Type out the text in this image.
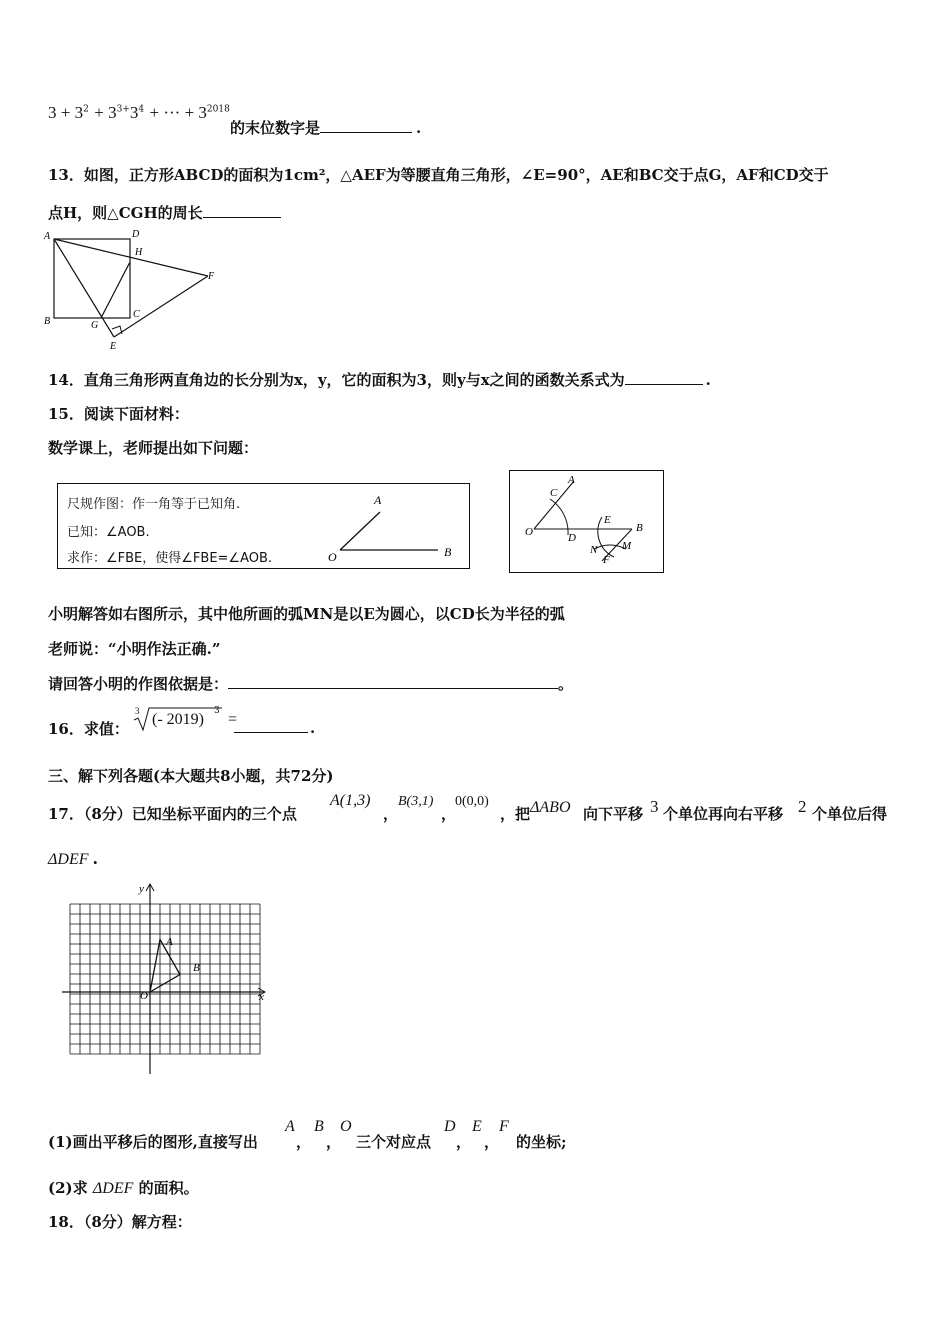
$3 + 3^2 + 3^{3+}3^4$ + ··· + $3^{2018}$
的末位数字是	.
13．如图，正方形ABCD的面积为1cm²，△AEF为等腰直角三角形，∠E=90°，AE和BC交于点G，AF和CD交于
点H，则△CGH的周长
A	D
H
F
B	G
C
E
14．直角三角形两直角边的长分别为x，y，它的面积为3，则y与x之间的函数关系式为	.
15．阅读下面材料：
数学课上，老师提出如下问题：
尺规作图：作一角等于已知角.
已知：∠AOB.
求作：∠FBE，使得∠FBE=∠AOB.
A
O	B
A
C
O	D
E
B
N
F
M
小明解答如右图所示，其中他所画的弧MN是以E为圆心，以CD长为半径的弧
老师说：“小明作法正确.”
请回答小明的作图依据是：	。
16．求值：
3 (- 2019) 3 =	.
三、解下列各题(本大题共8小题，共72分)
17．（8分）已知坐标平面内的三个点
A(1,3)
，
B(3,1)
，
0(0,0)
，把 ΔABO 向下平移 3 个单位再向右平移 2 个单位后得
ΔDEF .
y
x
A
B
O
(1)画出平移后的图形,直接写出
A
，
B
，
O
三个对应点
D
，
E
，
F
的坐标;
(2)求 ΔDEF 的面积。
18．（8分）解方程：
